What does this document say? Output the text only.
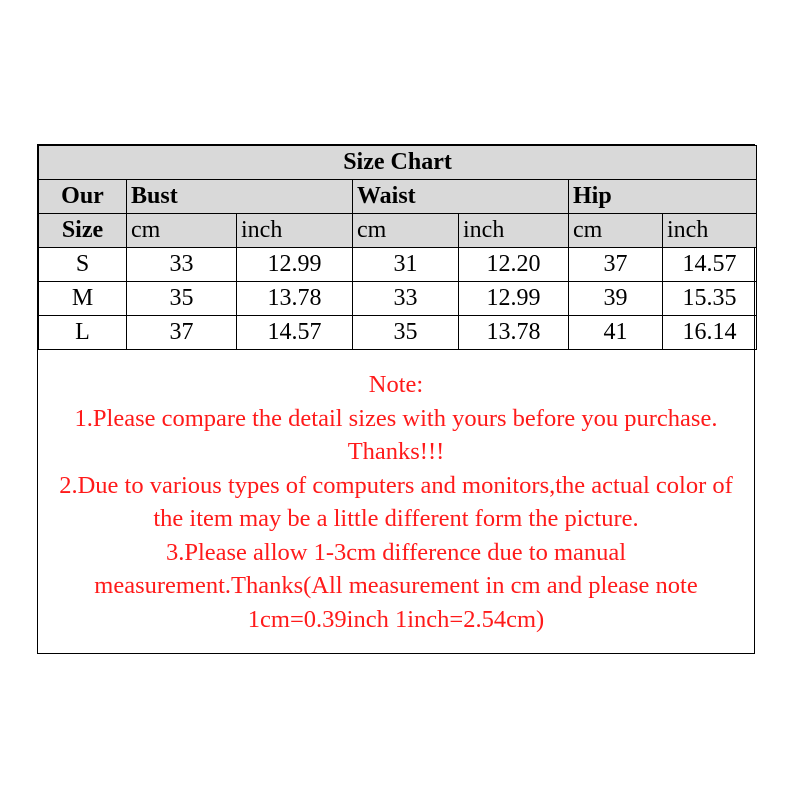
Size Chart						
Our	Bust		Waist		Hip	
Size	cm	inch	cm	inch	cm	inch
S	33	12.99	31	12.20	37	14.57
M	35	13.78	33	12.99	39	15.35
L	37	14.57	35	13.78	41	16.14
Note:
1.Please compare the detail sizes with yours before you purchase.
Thanks!!!
2.Due to various types of computers and monitors,the actual color of
the item may be a little different form the picture.
3.Please allow 1-3cm difference due to manual
measurement.Thanks(All measurement in cm and please note
1cm=0.39inch 1inch=2.54cm)
